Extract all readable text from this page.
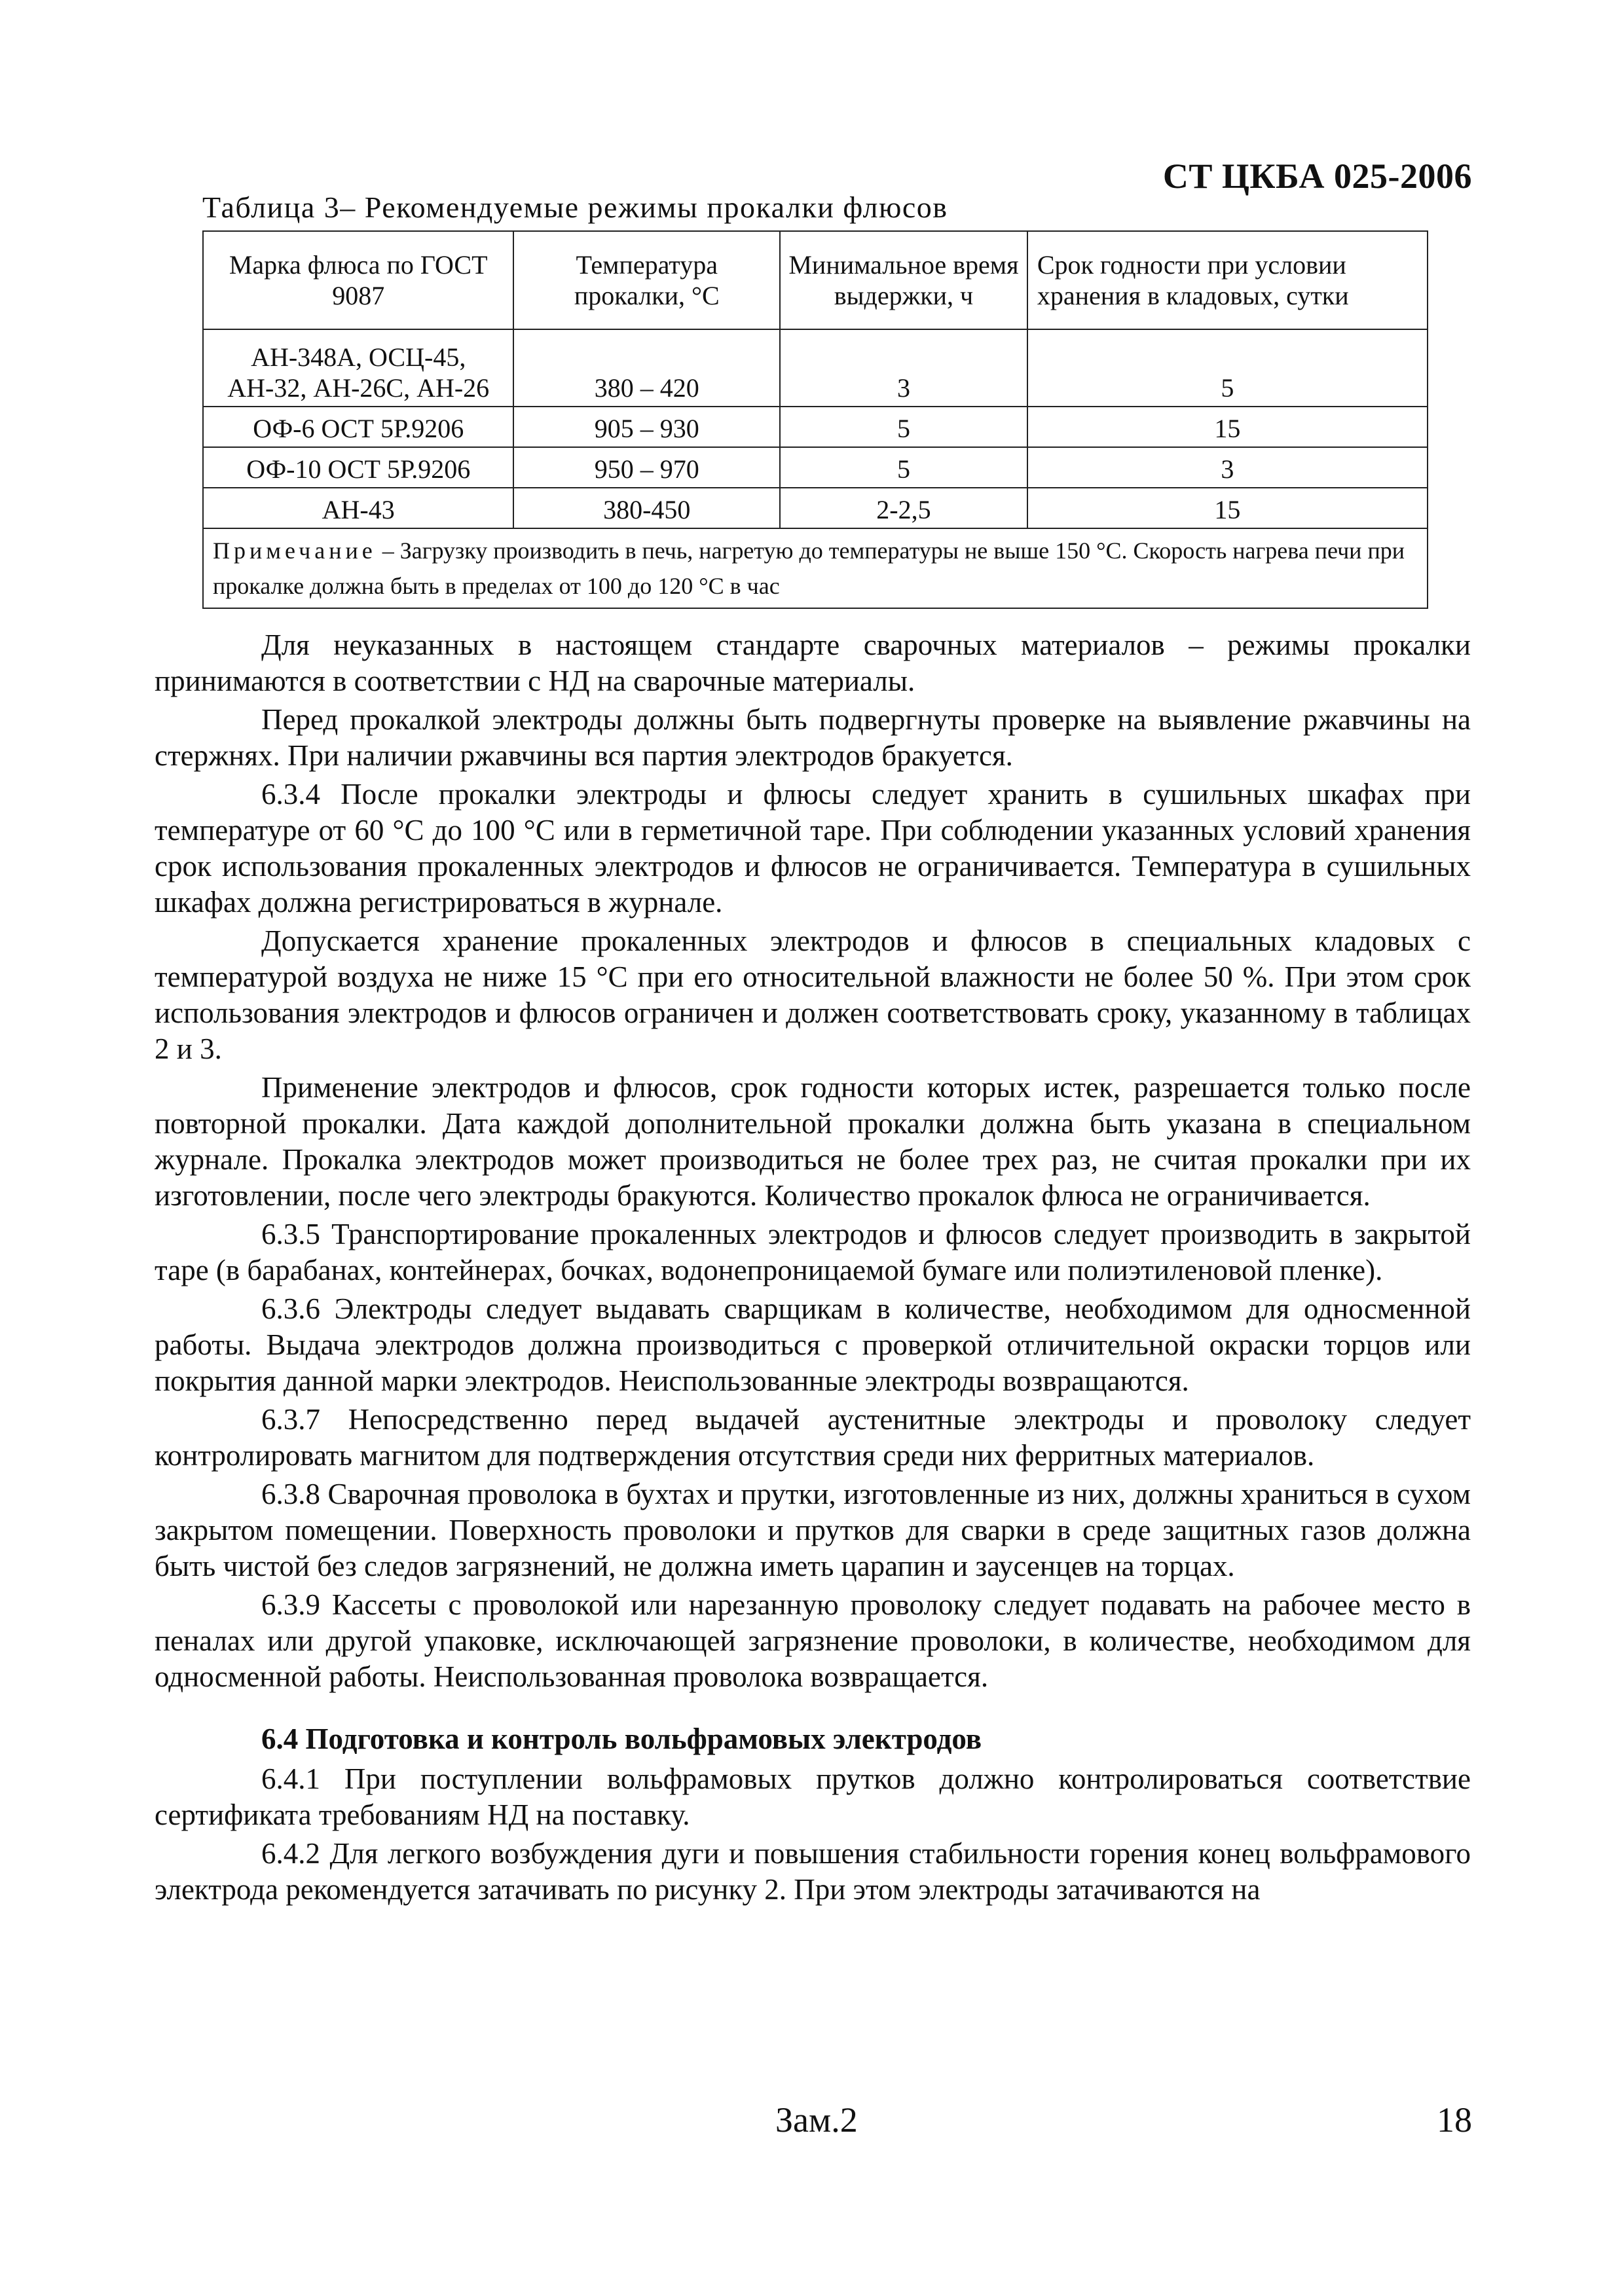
СТ ЦКБА 025-2006
Таблица 3– Рекомендуемые режимы прокалки флюсов
Марка флюса по ГОСТ 9087	Температура прокалки, °С	Минимальное время выдержки, ч	Срок годности при условии хранения в кладовых, сутки
АН-348А, ОСЦ-45, АН-32, АН-26С, АН-26	380 – 420	3	5
ОФ-6 ОСТ 5Р.9206	905 – 930	5	15
ОФ-10 ОСТ 5Р.9206	950 – 970	5	3
АН-43	380-450	2-2,5	15
Примечание – Загрузку производить в печь, нагретую до температуры не выше 150 °С. Скорость нагрева печи при прокалке должна быть в пределах от 100 до 120 °С в час			

Для неуказанных в настоящем стандарте сварочных материалов – режимы прокалки принимаются в соответствии с НД на сварочные материалы.

Перед прокалкой электроды должны быть подвергнуты проверке на выявление ржавчины на стержнях. При наличии ржавчины вся партия электродов бракуется.

6.3.4 После прокалки электроды и флюсы следует хранить в сушильных шкафах при температуре от 60 °С до 100 °С или в герметичной таре. При соблюдении указанных условий хранения срок использования прокаленных электродов и флюсов не ограничивается. Температура в сушильных шкафах должна регистрироваться в журнале.

Допускается хранение прокаленных электродов и флюсов в специальных кладовых с температурой воздуха не ниже 15 °С при его относительной влажности не более 50 %. При этом срок использования электродов и флюсов ограничен и должен соответствовать сроку, указанному в таблицах 2 и 3.

Применение электродов и флюсов, срок годности которых истек, разрешается только после повторной прокалки. Дата каждой дополнительной прокалки должна быть указана в специальном журнале. Прокалка электродов может производиться не более трех раз, не считая прокалки при их изготовлении, после чего электроды бракуются. Количество прокалок флюса не ограничивается.

6.3.5 Транспортирование прокаленных электродов и флюсов следует производить в закрытой таре (в барабанах, контейнерах, бочках, водонепроницаемой бумаге или полиэтиленовой пленке).

6.3.6 Электроды следует выдавать сварщикам в количестве, необходимом для односменной работы. Выдача электродов должна производиться с проверкой отличительной окраски торцов или покрытия данной марки электродов. Неиспользованные электроды возвращаются.

6.3.7 Непосредственно перед выдачей аустенитные электроды и проволоку следует контролировать магнитом для подтверждения отсутствия среди них ферритных материалов.

6.3.8 Сварочная проволока в бухтах и прутки, изготовленные из них, должны храниться в сухом закрытом помещении. Поверхность проволоки и прутков для сварки в среде защитных газов должна быть чистой без следов загрязнений, не должна иметь царапин и заусенцев на торцах.

6.3.9 Кассеты с проволокой или нарезанную проволоку следует подавать на рабочее место в пеналах или другой упаковке, исключающей загрязнение проволоки, в количестве, необходимом для односменной работы. Неиспользованная проволока возвращается.

6.4 Подготовка и контроль вольфрамовых электродов

6.4.1 При поступлении вольфрамовых прутков должно контролироваться соответствие сертификата требованиям НД на поставку.

6.4.2 Для легкого возбуждения дуги и повышения стабильности горения конец вольфрамового электрода рекомендуется затачивать по рисунку 2. При этом электроды затачиваются на

Зам.2	18
